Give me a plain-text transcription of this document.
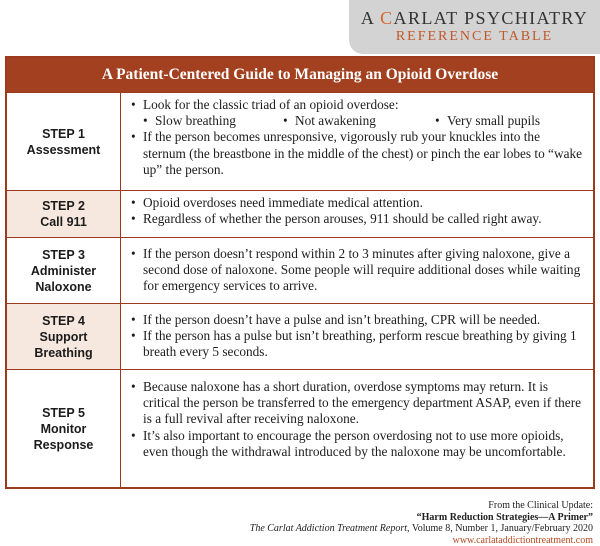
A CARLAT PSYCHIATRY
REFERENCE TABLE
A Patient-Centered Guide to Managing an Opioid Overdose
STEP 1
Assessment
• Look for the classic triad of an opioid overdose:
• Slow breathing	• Not awakening	• Very small pupils
• If the person becomes unresponsive, vigorously rub your knuckles into the sternum (the breastbone in the middle of the chest) or pinch the ear lobes to “wake up” the person.
STEP 2
Call 911
• Opioid overdoses need immediate medical attention.
• Regardless of whether the person arouses, 911 should be called right away.
STEP 3
Administer
Naloxone
• If the person doesn’t respond within 2 to 3 minutes after giving naloxone, give a second dose of naloxone. Some people will require additional doses while waiting for emergency services to arrive.
STEP 4
Support
Breathing
• If the person doesn’t have a pulse and isn’t breathing, CPR will be needed.
• If the person has a pulse but isn’t breathing, perform rescue breathing by giving 1 breath every 5 seconds.
STEP 5
Monitor
Response
• Because naloxone has a short duration, overdose symptoms may return. It is critical the person be transferred to the emergency department ASAP, even if there is a full revival after receiving naloxone.
• It’s also important to encourage the person overdosing not to use more opioids, even though the withdrawal introduced by the naloxone may be uncomfortable.
From the Clinical Update:
“Harm Reduction Strategies—A Primer”
The Carlat Addiction Treatment Report, Volume 8, Number 1, January/February 2020
www.carlataddictiontreatment.com
